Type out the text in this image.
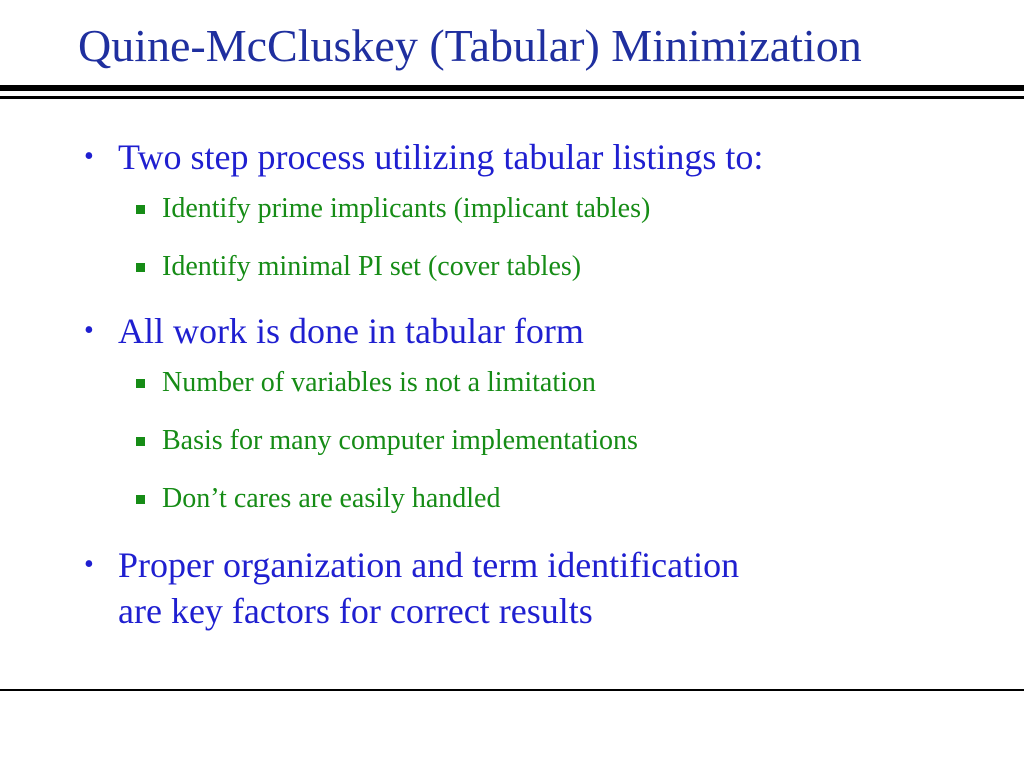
Quine-McCluskey (Tabular) Minimization
• Two step process utilizing tabular listings to:
Identify prime implicants (implicant tables)
Identify minimal PI set (cover tables)
• All work is done in tabular form
Number of variables is not a limitation
Basis for many computer implementations
Don’t cares are easily handled
• Proper organization and term identification
are key factors for correct results
